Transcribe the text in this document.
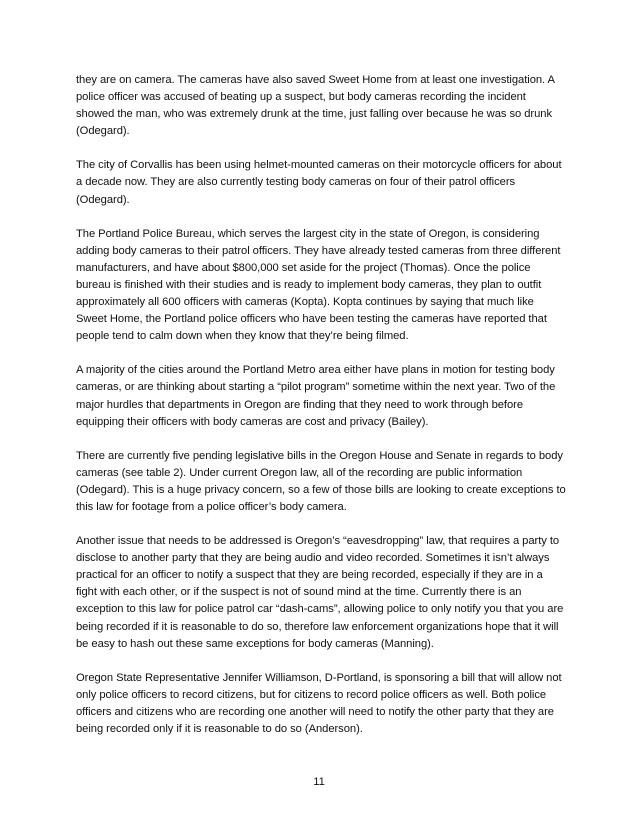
they are on camera. The cameras have also saved Sweet Home from at least one investigation. A police officer was accused of beating up a suspect, but body cameras recording the incident showed the man, who was extremely drunk at the time, just falling over because he was so drunk (Odegard).

The city of Corvallis has been using helmet-mounted cameras on their motorcycle officers for about a decade now. They are also currently testing body cameras on four of their patrol officers (Odegard).

The Portland Police Bureau, which serves the largest city in the state of Oregon, is considering adding body cameras to their patrol officers. They have already tested cameras from three different manufacturers, and have about $800,000 set aside for the project (Thomas). Once the police bureau is finished with their studies and is ready to implement body cameras, they plan to outfit approximately all 600 officers with cameras (Kopta). Kopta continues by saying that much like Sweet Home, the Portland police officers who have been testing the cameras have reported that people tend to calm down when they know that they’re being filmed.

A majority of the cities around the Portland Metro area either have plans in motion for testing body cameras, or are thinking about starting a “pilot program” sometime within the next year. Two of the major hurdles that departments in Oregon are finding that they need to work through before equipping their officers with body cameras are cost and privacy (Bailey).

There are currently five pending legislative bills in the Oregon House and Senate in regards to body cameras (see table 2). Under current Oregon law, all of the recording are public information (Odegard). This is a huge privacy concern, so a few of those bills are looking to create exceptions to this law for footage from a police officer’s body camera.

Another issue that needs to be addressed is Oregon’s “eavesdropping” law, that requires a party to disclose to another party that they are being audio and video recorded. Sometimes it isn’t always practical for an officer to notify a suspect that they are being recorded, especially if they are in a fight with each other, or if the suspect is not of sound mind at the time. Currently there is an exception to this law for police patrol car “dash-cams”, allowing police to only notify you that you are being recorded if it is reasonable to do so, therefore law enforcement organizations hope that it will be easy to hash out these same exceptions for body cameras (Manning).

Oregon State Representative Jennifer Williamson, D-Portland, is sponsoring a bill that will allow not only police officers to record citizens, but for citizens to record police officers as well. Both police officers and citizens who are recording one another will need to notify the other party that they are being recorded only if it is reasonable to do so (Anderson).

11
